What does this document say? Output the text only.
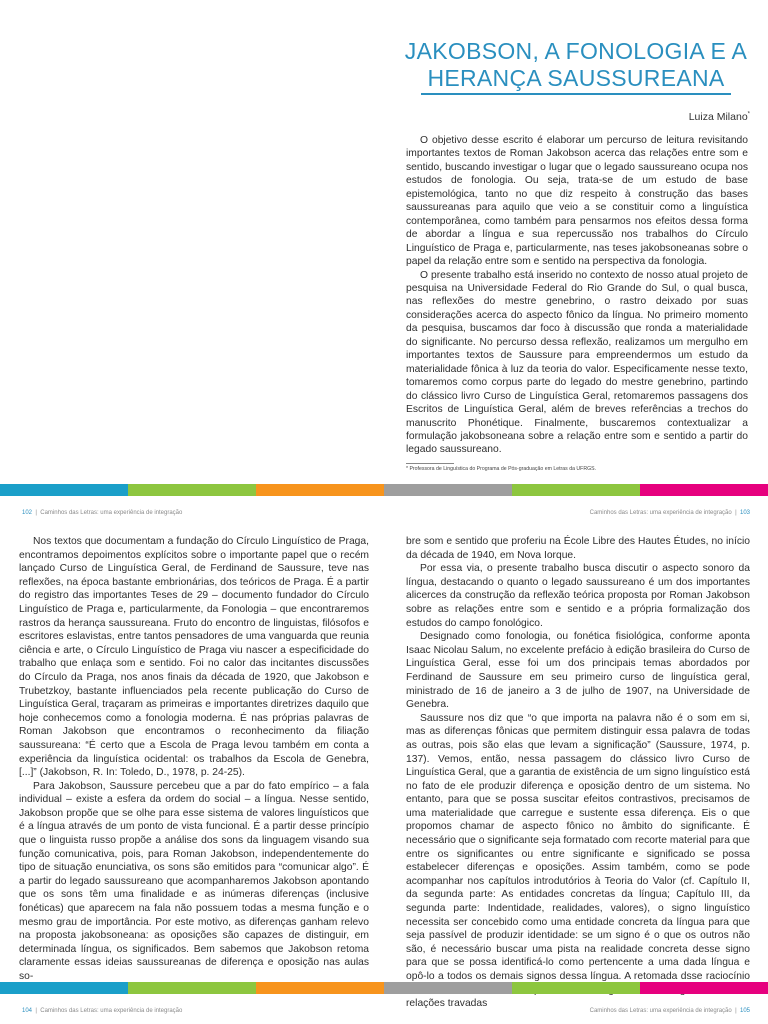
JAKOBSON, A FONOLOGIA E A
HERANÇA SAUSSUREANA
Luiza Milano*

O objetivo desse escrito é elaborar um percurso de leitura revisitando importantes textos de Roman Jakobson acerca das relações entre som e sentido, buscando investigar o lugar que o legado saussureano ocupa nos estudos de fonologia. Ou seja, trata-se de um estudo de base epistemológica, tanto no que diz respeito à construção das bases saussureanas para aquilo que veio a se constituir como a linguística contemporânea, como também para pensarmos nos efeitos dessa forma de abordar a língua e sua repercussão nos trabalhos do Círculo Linguístico de Praga e, particularmente, nas teses jakobsoneanas sobre o papel da relação entre som e sentido na perspectiva da fonologia.

O presente trabalho está inserido no contexto de nosso atual projeto de pesquisa na Universidade Federal do Rio Grande do Sul, o qual busca, nas reflexões do mestre genebrino, o rastro deixado por suas considerações acerca do aspecto fônico da língua. No primeiro momento da pesquisa, buscamos dar foco à discussão que ronda a materialidade do significante. No percurso dessa reflexão, realizamos um mergulho em importantes textos de Saussure para empreendermos um estudo da materialidade fônica à luz da teoria do valor. Especificamente nesse texto, tomaremos como corpus parte do legado do mestre genebrino, partindo do clássico livro Curso de Linguística Geral, retomaremos passagens dos Escritos de Linguística Geral, além de breves referências a trechos do manuscrito Phonétique. Finalmente, buscaremos contextualizar a formulação jakobsoneana sobre a relação entre som e sentido a partir do legado saussureano.

* Professora de Linguística do Programa de Pós-graduação em Letras da UFRGS.
102 | Caminhos das Letras: uma experiência de integração	Caminhos das Letras: uma experiência de integração | 103

Nos textos que documentam a fundação do Círculo Linguístico de Praga, encontramos depoimentos explícitos sobre o importante papel que o recém lançado Curso de Linguística Geral, de Ferdinand de Saussure, teve nas reflexões, na época bastante embrionárias, dos teóricos de Praga. É a partir do registro das importantes Teses de 29 – documento fundador do Círculo Linguístico de Praga e, particularmente, da Fonologia – que encontraremos rastros da herança saussureana. Fruto do encontro de linguistas, filósofos e escritores eslavistas, entre tantos pensadores de uma vanguarda que reunia ciência e arte, o Círculo Linguístico de Praga viu nascer a especificidade do trabalho que enlaça som e sentido. Foi no calor das incitantes discussões do Círculo da Praga, nos anos finais da década de 1920, que Jakobson e Trubetzkoy, bastante influenciados pela recente publicação do Curso de Linguística Geral, traçaram as primeiras e importantes diretrizes daquilo que hoje conhecemos como a fonologia moderna. É nas próprias palavras de Roman Jakobson que encontramos o reconhecimento da filiação saussureana: “É certo que a Escola de Praga levou também em conta a experiência da linguística ocidental: os trabalhos da Escola de Genebra, [...]” (Jakobson, R. In: Toledo, D., 1978, p. 24-25).

Para Jakobson, Saussure percebeu que a par do fato empírico – a fala individual – existe a esfera da ordem do social – a língua. Nesse sentido, Jakobson propõe que se olhe para esse sistema de valores linguísticos que é a língua através de um ponto de vista funcional. É a partir desse princípio que o linguista russo propõe a análise dos sons da linguagem visando sua função comunicativa, pois, para Roman Jakobson, independentemente do tipo de situação enunciativa, os sons são emitidos para “comunicar algo”. É a partir do legado saussureano que acompanharemos Jakobson apontando que os sons têm uma finalidade e as inúmeras diferenças (inclusive fonéticas) que aparecem na fala não possuem todas a mesma função e o mesmo grau de importância. Por este motivo, as diferenças ganham relevo na proposta jakobsoneana: as oposições são capazes de distinguir, em determinada língua, os significados. Bem sabemos que Jakobson retoma claramente essas ideias saussureanas de diferença e oposição nas aulas so-

bre som e sentido que proferiu na École Libre des Hautes Études, no início da década de 1940, em Nova Iorque.

Por essa via, o presente trabalho busca discutir o aspecto sonoro da língua, destacando o quanto o legado saussureano é um dos importantes alicerces da construção da reflexão teórica proposta por Roman Jakobson sobre as relações entre som e sentido e a própria formalização dos estudos do campo fonológico.

Designado como fonologia, ou fonética fisiológica, conforme aponta Isaac Nicolau Salum, no excelente prefácio à edição brasileira do Curso de Linguística Geral, esse foi um dos principais temas abordados por Ferdinand de Saussure em seu primeiro curso de linguística geral, ministrado de 16 de janeiro a 3 de julho de 1907, na Universidade de Genebra.

Saussure nos diz que “o que importa na palavra não é o som em si, mas as diferenças fônicas que permitem distinguir essa palavra de todas as outras, pois são elas que levam a significação” (Saussure, 1974, p. 137). Vemos, então, nessa passagem do clássico livro Curso de Linguística Geral, que a garantia de existência de um signo linguístico está no fato de ele produzir diferença e oposição dentro de um sistema. No entanto, para que se possa suscitar efeitos contrastivos, precisamos de uma materialidade que carregue e sustente essa diferença. Eis o que propomos chamar de aspecto fônico no âmbito do significante. É necessário que o significante seja formatado com recorte material para que entre os significantes ou entre significante e significado se possa estabelecer diferenças e oposições. Assim também, como se pode acompanhar nos capítulos introdutórios à Teoria do Valor (cf. Capítulo II, da segunda parte: As entidades concretas da língua; Capítulo III, da segunda parte: Indentidade, realidades, valores), o signo linguístico necessita ser concebido como uma entidade concreta da língua para que seja passível de produzir identidade: se um signo é o que os outros não são, é necessário buscar uma pista na realidade concreta desse signo para que se possa identificá-lo como pertencente a uma dada língua e opô-lo a todos os demais signos dessa língua. A retomada dsse raciocínio relações travadas

104 | Caminhos das Letras: uma experiência de integração	Caminhos das Letras: uma experiência de integração | 105
